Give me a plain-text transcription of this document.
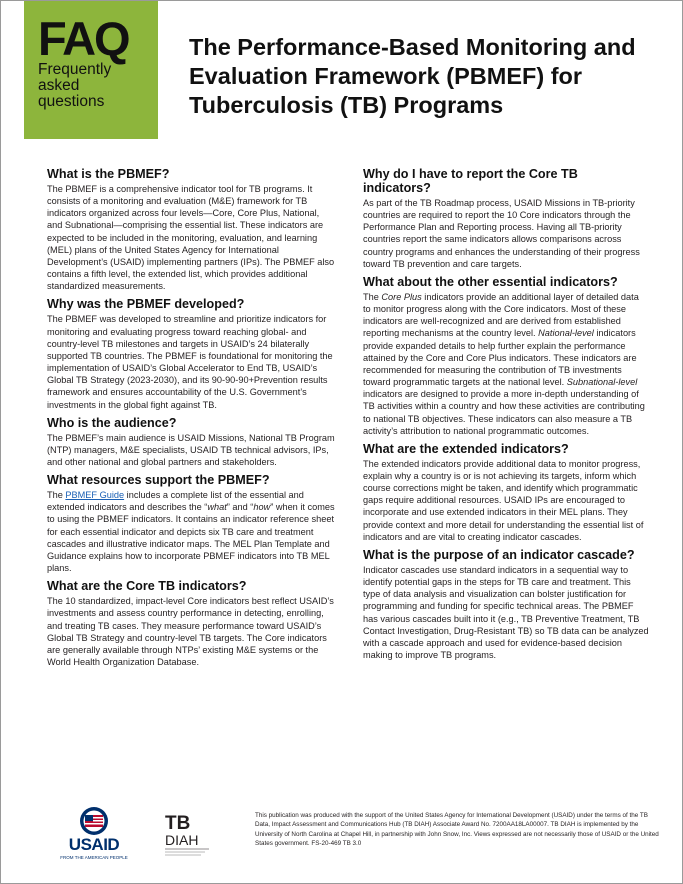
FAQ
Frequently
asked
questions
The Performance-Based Monitoring and Evaluation Framework (PBMEF) for Tuberculosis (TB) Programs
What is the PBMEF?

The PBMEF is a comprehensive indicator tool for TB programs. It consists of a monitoring and evaluation (M&E) framework for TB indicators organized across four levels—Core, Core Plus, National, and Subnational—comprising the essential list. These indicators are expected to be included in the monitoring, evaluation, and learning (MEL) plans of the United States Agency for International Development’s (USAID) implementing partners (IPs). The PBMEF also contains a fifth level, the extended list, which provides additional standardized measurements.

Why was the PBMEF developed?

The PBMEF was developed to streamline and prioritize indicators for monitoring and evaluating progress toward reaching global- and country-level TB milestones and targets in USAID’s 24 bilaterally supported TB countries. The PBMEF is foundational for monitoring the implementation of USAID’s Global Accelerator to End TB, USAID’s Global TB Strategy (2023-2030), and its 90-90-90+Prevention results framework and ensures accountability of the U.S. Government’s investments in the global fight against TB.

Who is the audience?

The PBMEF’s main audience is USAID Missions, National TB Program (NTP) managers, M&E specialists, USAID TB technical advisors, IPs, and other national and global partners and stakeholders.

What resources support the PBMEF?

The PBMEF Guide includes a complete list of the essential and extended indicators and describes the “what” and “how” when it comes to using the PBMEF indicators. It contains an indicator reference sheet for each essential indicator and depicts six TB care and treatment cascades and illustrative indicator maps. The MEL Plan Template and Guidance explains how to incorporate PBMEF indicators into TB MEL plans.

What are the Core TB indicators?

The 10 standardized, impact-level Core indicators best reflect USAID’s investments and assess country performance in detecting, enrolling, and treating TB cases. They measure performance toward USAID’s Global TB Strategy and country-level TB targets. The Core indicators are generally available through NTPs’ existing M&E systems or the World Health Organization Database.

Why do I have to report the Core TB indicators?

As part of the TB Roadmap process, USAID Missions in TB-priority countries are required to report the 10 Core indicators through the Performance Plan and Reporting process. Having all TB-priority countries report the same indicators allows comparisons across country programs and enhances the understanding of their progress toward TB prevention and care targets.

What about the other essential indicators?

The Core Plus indicators provide an additional layer of detailed data to monitor progress along with the Core indicators. Most of these indicators are well-recognized and are derived from established reporting mechanisms at the country level. National-level indicators provide expanded details to help further explain the performance attained by the Core and Core Plus indicators. These indicators are recommended for measuring the contribution of TB investments toward programmatic targets at the national level. Subnational-level indicators are designed to provide a more in-depth understanding of TB activities within a country and how these activities are contributing to national TB objectives. These indicators can also measure a TB activity’s attribution to national programmatic outcomes.

What are the extended indicators?

The extended indicators provide additional data to monitor progress, explain why a country is or is not achieving its targets, inform which course corrections might be taken, and identify which programmatic gaps require additional resources. USAID IPs are encouraged to incorporate and use extended indicators in their MEL plans. They provide context and more detail for understanding the essential list of indicators and are vital to creating indicator cascades.

What is the purpose of an indicator cascade?

Indicator cascades use standard indicators in a sequential way to identify potential gaps in the steps for TB care and treatment. This type of data analysis and visualization can bolster justification for programming and funding for specific technical areas. The PBMEF has various cascades built into it (e.g., TB Preventive Treatment, TB Contact Investigation, Drug-Resistant TB) so TB data can be analyzed with a cascade approach and used for evidence-based decision making to improve TB programs.

USAID
FROM THE AMERICAN PEOPLE
TB
DIAH
This publication was produced with the support of the United States Agency for International Development (USAID) under the terms of the TB Data, Impact Assessment and Communications Hub (TB DIAH) Associate Award No. 7200AA18LA00007. TB DIAH is implemented by the University of North Carolina at Chapel Hill, in partnership with John Snow, Inc. Views expressed are not necessarily those of USAID or the United States government. FS-20-469 TB 3.0
